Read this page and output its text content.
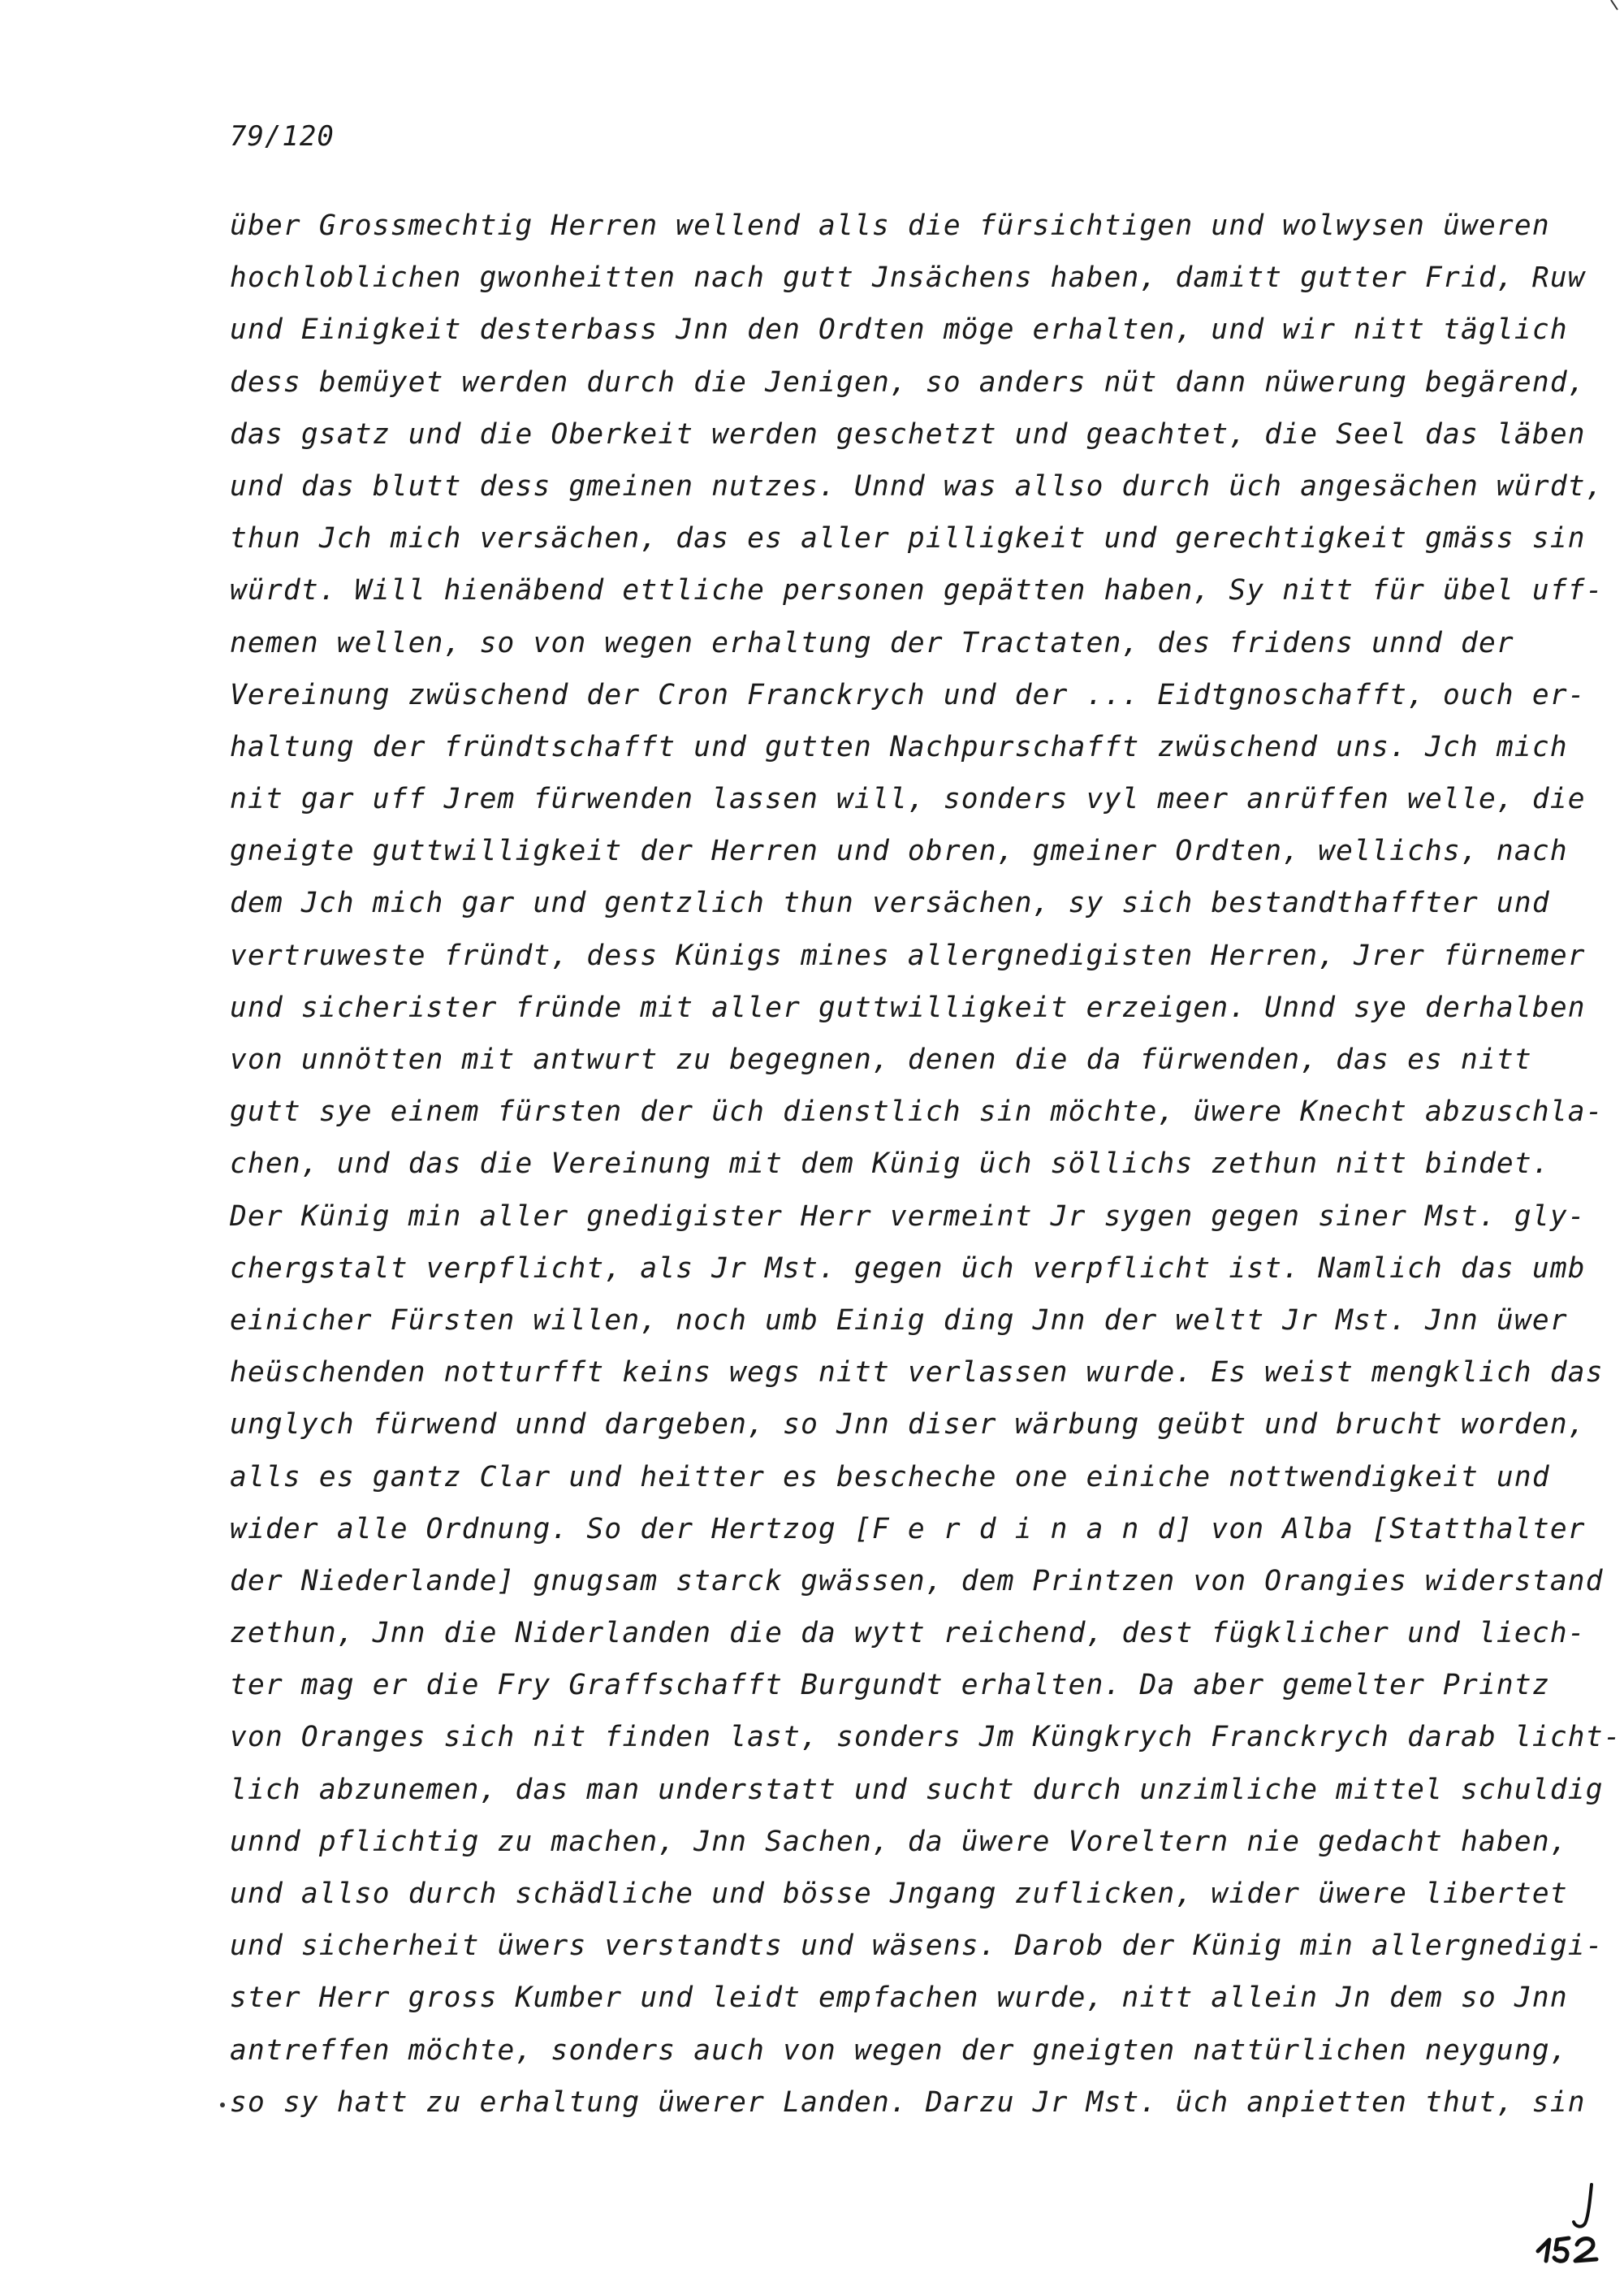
79/120
über Grossmechtig Herren wellend alls die fürsichtigen und wolwysen üweren
hochloblichen gwonheitten nach gutt Jnsächens haben, damitt gutter Frid, Ruw
und Einigkeit desterbass Jnn den Ordten möge erhalten, und wir nitt täglich
dess bemüyet werden durch die Jenigen, so anders nüt dann nüwerung begärend,
das gsatz und die Oberkeit werden geschetzt und geachtet, die Seel das läben
und das blutt dess gmeinen nutzes. Unnd was allso durch üch angesächen würdt,
thun Jch mich versächen, das es aller pilligkeit und gerechtigkeit gmäss sin
würdt. Will hienäbend ettliche personen gepätten haben, Sy nitt für übel uff-
nemen wellen, so von wegen erhaltung der Tractaten, des fridens unnd der
Vereinung zwüschend der Cron Franckrych und der ... Eidtgnoschafft, ouch er-
haltung der fründtschafft und gutten Nachpurschafft zwüschend uns. Jch mich
nit gar uff Jrem fürwenden lassen will, sonders vyl meer anrüffen welle, die
gneigte guttwilligkeit der Herren und obren, gmeiner Ordten, wellichs, nach
dem Jch mich gar und gentzlich thun versächen, sy sich bestandthaffter und
vertruweste fründt, dess Künigs mines allergnedigisten Herren, Jrer fürnemer
und sicherister fründe mit aller guttwilligkeit erzeigen. Unnd sye derhalben
von unnötten mit antwurt zu begegnen, denen die da fürwenden, das es nitt
gutt sye einem fürsten der üch dienstlich sin möchte, üwere Knecht abzuschla-
chen, und das die Vereinung mit dem Künig üch söllichs zethun nitt bindet.
Der Künig min aller gnedigister Herr vermeint Jr sygen gegen siner Mst. gly-
chergstalt verpflicht, als Jr Mst. gegen üch verpflicht ist. Namlich das umb
einicher Fürsten willen, noch umb Einig ding Jnn der weltt Jr Mst. Jnn üwer
heüschenden notturfft keins wegs nitt verlassen wurde. Es weist mengklich das
unglych fürwend unnd dargeben, so Jnn diser wärbung geübt und brucht worden,
alls es gantz Clar und heitter es bescheche one einiche nottwendigkeit und
wider alle Ordnung. So der Hertzog [F e r d i n a n d] von Alba [Statthalter
der Niederlande] gnugsam starck gwässen, dem Printzen von Orangies widerstand
zethun, Jnn die Niderlanden die da wytt reichend, dest fügklicher und liech-
ter mag er die Fry Graffschafft Burgundt erhalten. Da aber gemelter Printz
von Oranges sich nit finden last, sonders Jm Küngkrych Franckrych darab licht-
lich abzunemen, das man understatt und sucht durch unzimliche mittel schuldig
unnd pflichtig zu machen, Jnn Sachen, da üwere Voreltern nie gedacht haben,
und allso durch schädliche und bösse Jngang zuflicken, wider üwere libertet
und sicherheit üwers verstandts und wäsens. Darob der Künig min allergnedigi-
ster Herr gross Kumber und leidt empfachen wurde, nitt allein Jn dem so Jnn
antreffen möchte, sonders auch von wegen der gneigten nattürlichen neygung,
so sy hatt zu erhaltung üwerer Landen. Darzu Jr Mst. üch anpietten thut, sin
